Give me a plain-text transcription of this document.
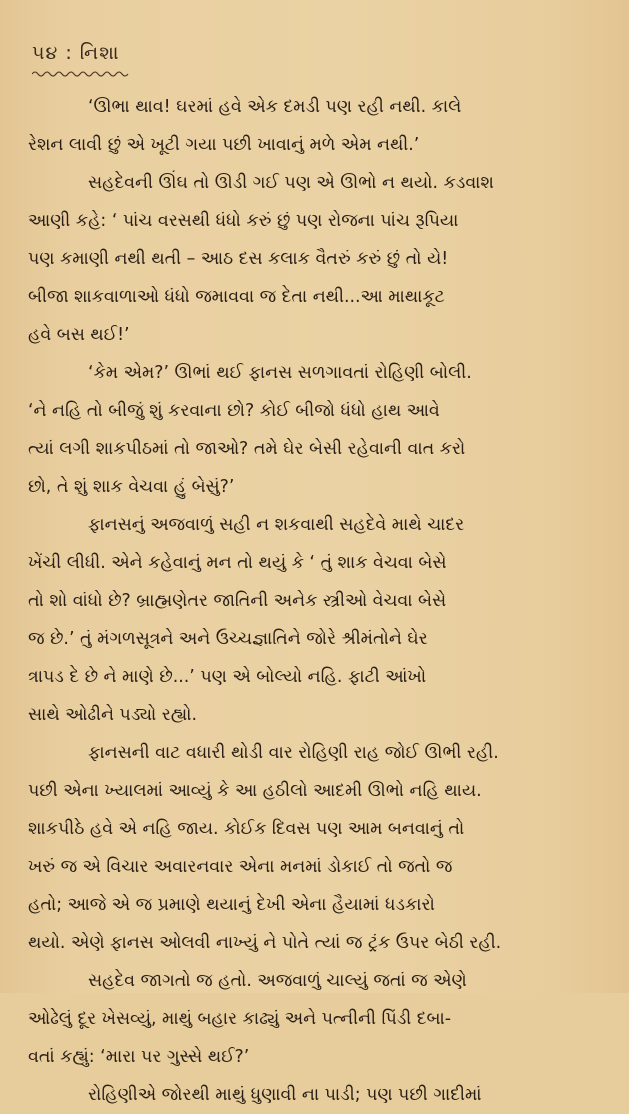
૫૪ : નિશા
‘ઊભા થાવ! ઘરમાં હવે એક દમડી પણ રહી નથી. કાલે
રેશન લાવી છું એ ખૂટી ગયા પછી ખાવાનું મળે એમ નથી.’
સહદેવની ઊંઘ તો ઊડી ગઈ પણ એ ઊભો ન થયો. કડવાશ
આણી કહે: ‘ પાંચ વરસથી ધંધો કરું છું પણ રોજના પાંચ રૂપિયા
પણ કમાણી નથી થતી – આઠ દસ કલાક વૈતરું કરું છું તો યે!
બીજા શાકવાળાઓ ધંધો જમાવવા જ દેતા નથી...આ માથાકૂટ
હવે બસ થઈ!’
‘કેમ એમ?’ ઊભાં થઈ ફાનસ સળગાવતાં રોહિણી બોલી.
‘ને નહિ તો બીજું શું કરવાના છો? કોઈ બીજો ધંધો હાથ આવે
ત્યાં લગી શાકપીઠમાં તો જાઓ? તમે ઘેર બેસી રહેવાની વાત કરો
છો, તે શું શાક વેચવા હું બેસું?’
ફાનસનું અજવાળું સહી ન શકવાથી સહદેવે માથે ચાદર
ખેંચી લીધી. એને કહેવાનું મન તો થયું કે ‘ તું શાક વેચવા બેસે
તો શો વાંધો છે? બ્રાહ્મણેતર જાતિની અનેક સ્ત્રીઓ વેચવા બેસે
જ છે.’ તું મંગળસૂત્રને અને ઉચ્ચજ્ઞાતિને જોરે શ્રીમંતોને ઘેર
ત્રાપડ દે છે ને માણે છે...’ પણ એ બોલ્યો નહિ. ફાટી આંખો
સાથે ઓઢીને પડ્યો રહ્યો.
ફાનસની વાટ વધારી થોડી વાર રોહિણી રાહ જોઈ ઊભી રહી.
પછી એના ખ્યાલમાં આવ્યું કે આ હઠીલો આદમી ઊભો નહિ થાય.
શાકપીઠે હવે એ નહિ જાય. કોઈક દિવસ પણ આમ બનવાનું તો
ખરું જ એ વિચાર અવારનવાર એના મનમાં ડોકાઈ તો જતો જ
હતો; આજે એ જ પ્રમાણે થયાનું દેખી એના હૈયામાં ધડકારો
થયો. એણે ફાનસ ઓલવી નાખ્યું ને પોતે ત્યાં જ ટ્રંક ઉપર બેઠી રહી.
સહદેવ જાગતો જ હતો. અજવાળું ચાલ્યું જતાં જ એણે
ઓઢેલું દૂર ખેસવ્યું, માથું બહાર કાઢ્યું અને પત્નીની પિંડી દબા-
વતાં કહ્યું: ‘મારા પર ગુસ્સે થઈ?’
રોહિણીએ જોરથી માથું ધુણાવી ના પાડી; પણ પછી ગાદીમાં
